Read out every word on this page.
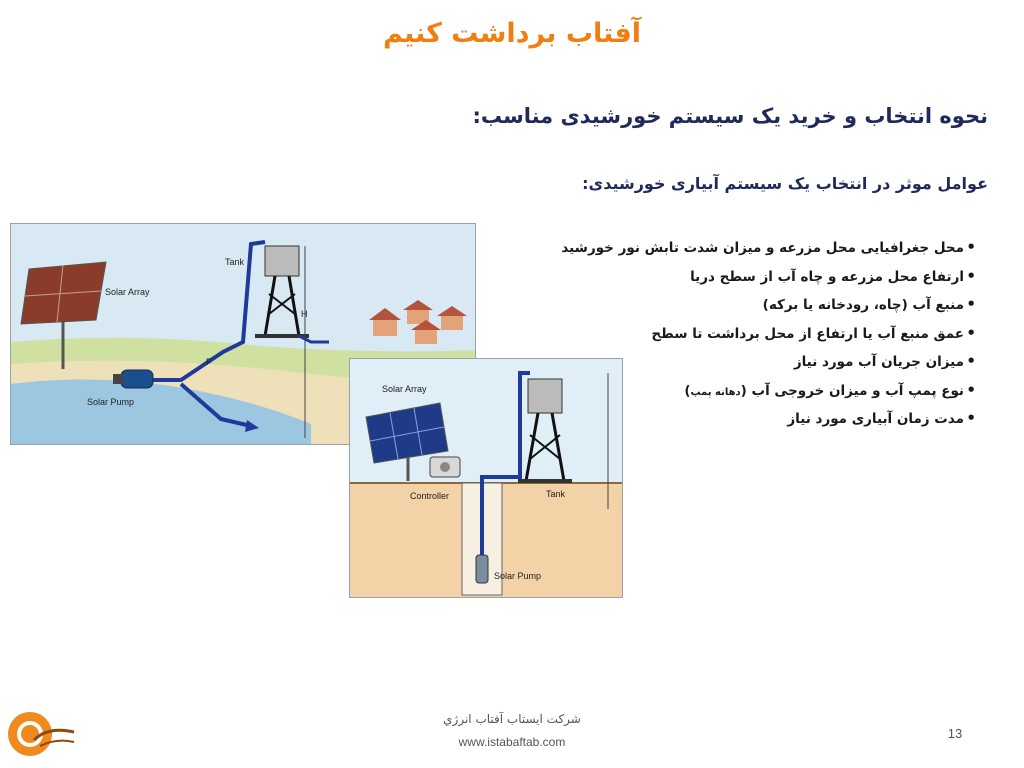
آفتاب برداشت کنیم
نحوه انتخاب و خرید یک سیستم خورشیدی مناسب:
عوامل موثر در انتخاب یک سیستم آبیاری خورشیدی:
•محل جغرافیایی محل مزرعه و میزان شدت تابش نور خورشید
•ارتفاع محل مزرعه و چاه آب از سطح دریا
•منبع آب (چاه، رودخانه یا برکه)
•عمق منبع آب یا ارتفاع از محل برداشت تا سطح
•میزان جریان آب مورد نیاز
•نوع پمپ آب و میزان خروجی آب (دهانه پمپ)
•مدت زمان آبیاری مورد نیاز
Solar Array
Tank
H
F
Solar Pump
Solar Array
Controller	Tank
Solar Pump
شرکت ایستاب آفتاب انرژي
www.istabaftab.com
13
